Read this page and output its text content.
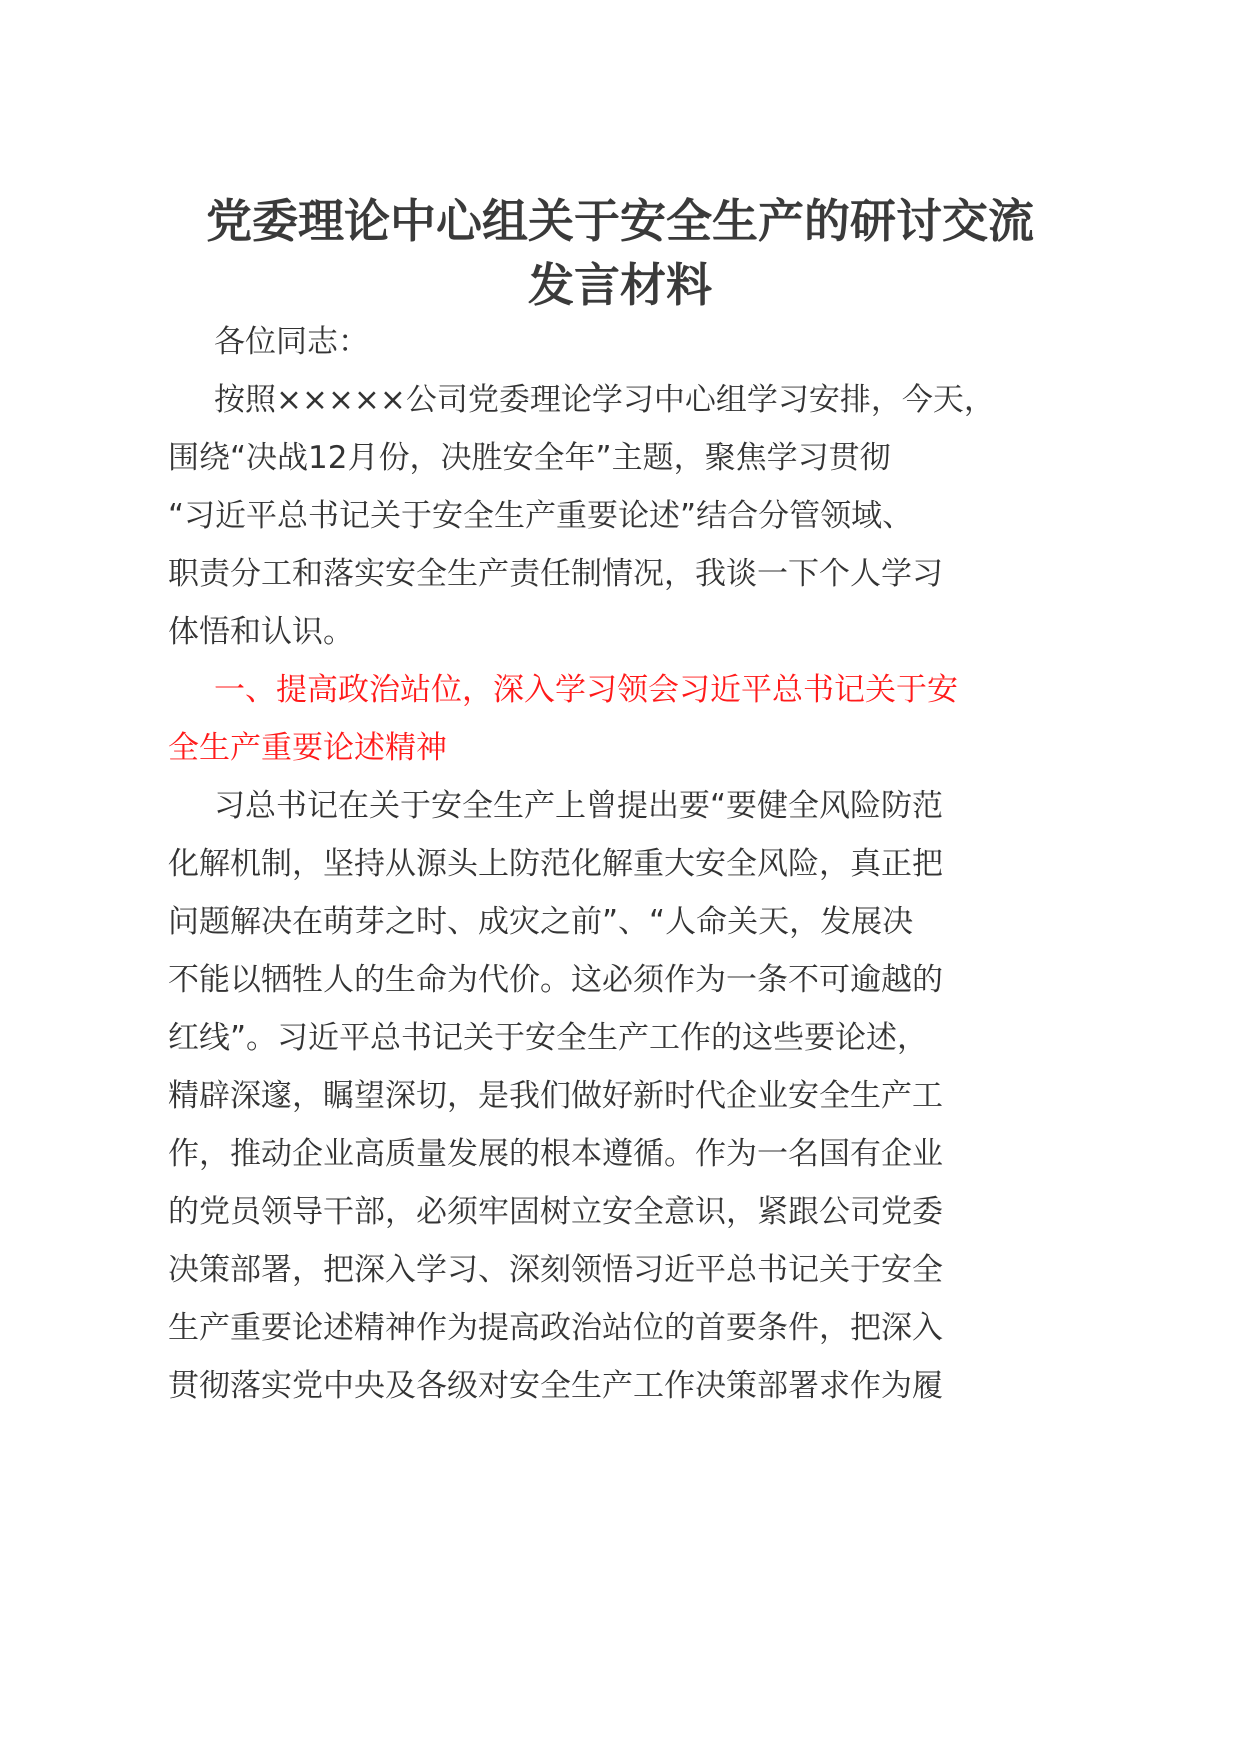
党委理论中心组关于安全生产的研讨交流
发言材料
各位同志：
按照×××××公司党委理论学习中心组学习安排，今天，
围绕“决战12月份，决胜安全年”主题，聚焦学习贯彻
“习近平总书记关于安全生产重要论述”结合分管领域、
职责分工和落实安全生产责任制情况，我谈一下个人学习
体悟和认识。
一、提高政治站位，深入学习领会习近平总书记关于安
全生产重要论述精神
习总书记在关于安全生产上曾提出要“要健全风险防范
化解机制，坚持从源头上防范化解重大安全风险，真正把
问题解决在萌芽之时、成灾之前”、“人命关天，发展决
不能以牺牲人的生命为代价。这必须作为一条不可逾越的
红线”。习近平总书记关于安全生产工作的这些要论述，
精辟深邃，瞩望深切，是我们做好新时代企业安全生产工
作，推动企业高质量发展的根本遵循。作为一名国有企业
的党员领导干部，必须牢固树立安全意识，紧跟公司党委
决策部署，把深入学习、深刻领悟习近平总书记关于安全
生产重要论述精神作为提高政治站位的首要条件，把深入
贯彻落实党中央及各级对安全生产工作决策部署求作为履
